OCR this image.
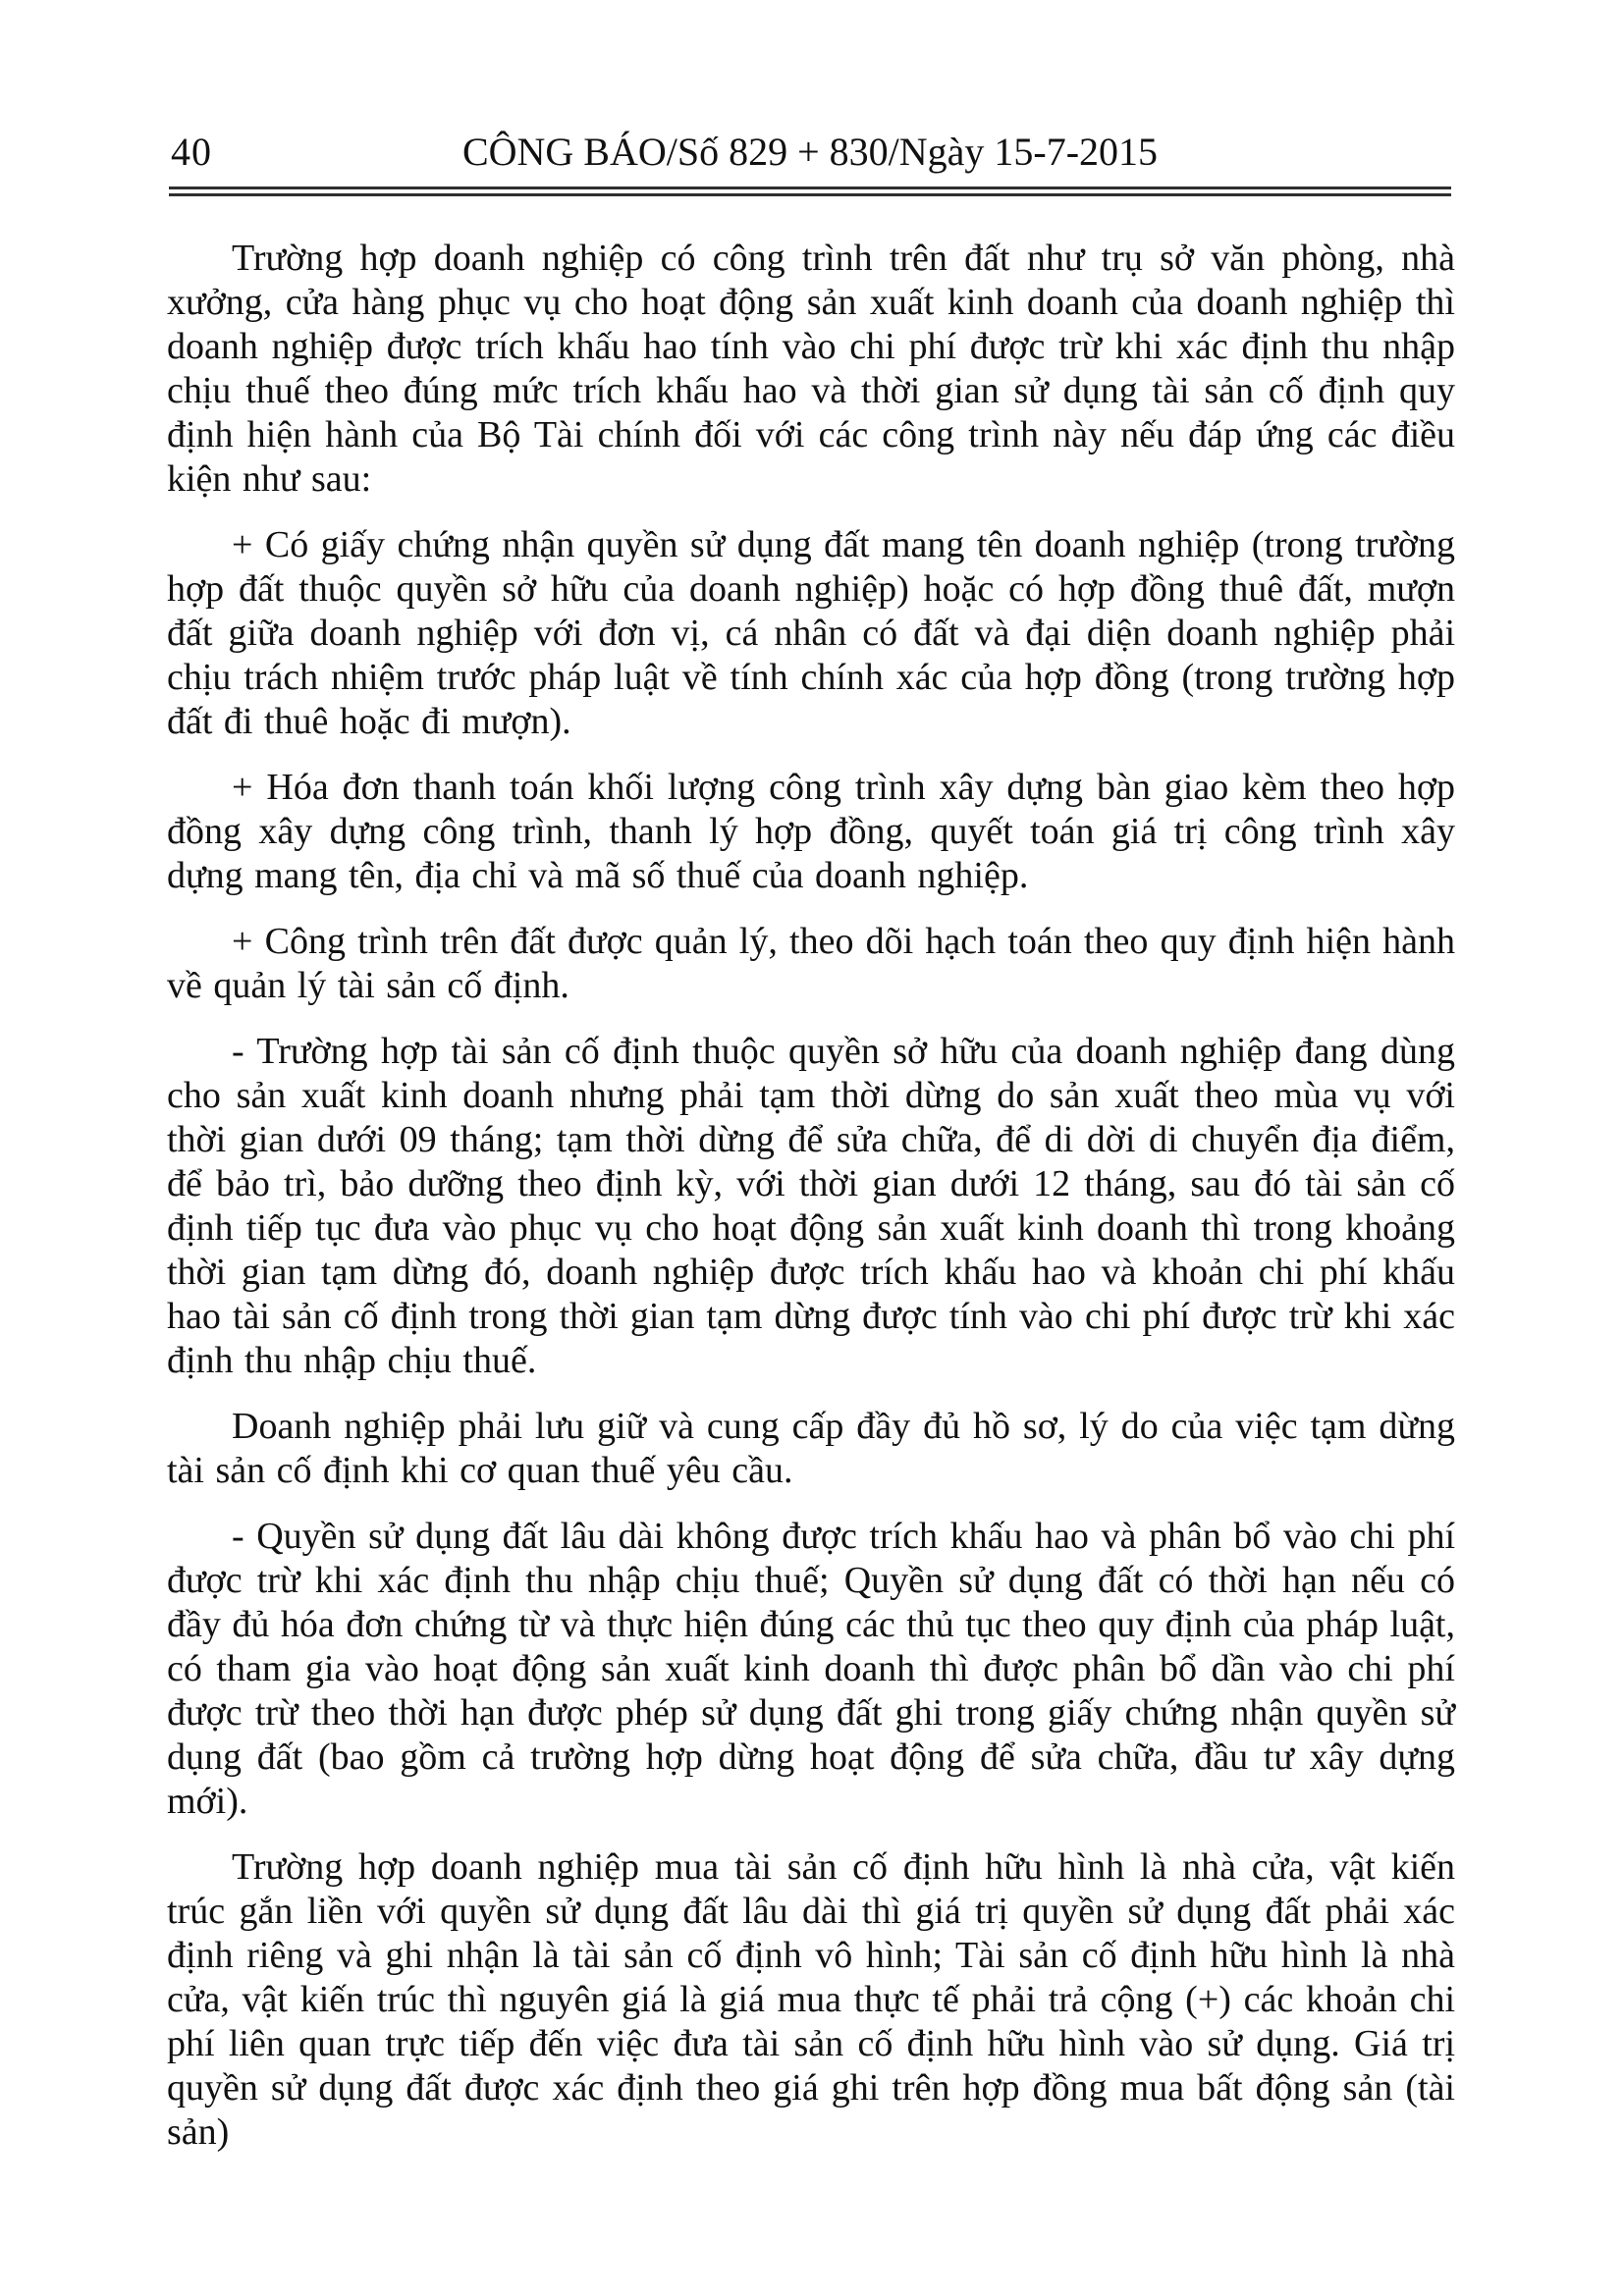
40	CÔNG BÁO/Số 829 + 830/Ngày 15-7-2015

Trường hợp doanh nghiệp có công trình trên đất như trụ sở văn phòng, nhà xưởng, cửa hàng phục vụ cho hoạt động sản xuất kinh doanh của doanh nghiệp thì doanh nghiệp được trích khấu hao tính vào chi phí được trừ khi xác định thu nhập chịu thuế theo đúng mức trích khấu hao và thời gian sử dụng tài sản cố định quy định hiện hành của Bộ Tài chính đối với các công trình này nếu đáp ứng các điều kiện như sau:

+ Có giấy chứng nhận quyền sử dụng đất mang tên doanh nghiệp (trong trường hợp đất thuộc quyền sở hữu của doanh nghiệp) hoặc có hợp đồng thuê đất, mượn đất giữa doanh nghiệp với đơn vị, cá nhân có đất và đại diện doanh nghiệp phải chịu trách nhiệm trước pháp luật về tính chính xác của hợp đồng (trong trường hợp đất đi thuê hoặc đi mượn).

+ Hóa đơn thanh toán khối lượng công trình xây dựng bàn giao kèm theo hợp đồng xây dựng công trình, thanh lý hợp đồng, quyết toán giá trị công trình xây dựng mang tên, địa chỉ và mã số thuế của doanh nghiệp.

+ Công trình trên đất được quản lý, theo dõi hạch toán theo quy định hiện hành về quản lý tài sản cố định.

- Trường hợp tài sản cố định thuộc quyền sở hữu của doanh nghiệp đang dùng cho sản xuất kinh doanh nhưng phải tạm thời dừng do sản xuất theo mùa vụ với thời gian dưới 09 tháng; tạm thời dừng để sửa chữa, để di dời di chuyển địa điểm, để bảo trì, bảo dưỡng theo định kỳ, với thời gian dưới 12 tháng, sau đó tài sản cố định tiếp tục đưa vào phục vụ cho hoạt động sản xuất kinh doanh thì trong khoảng thời gian tạm dừng đó, doanh nghiệp được trích khấu hao và khoản chi phí khấu hao tài sản cố định trong thời gian tạm dừng được tính vào chi phí được trừ khi xác định thu nhập chịu thuế.

Doanh nghiệp phải lưu giữ và cung cấp đầy đủ hồ sơ, lý do của việc tạm dừng tài sản cố định khi cơ quan thuế yêu cầu.

- Quyền sử dụng đất lâu dài không được trích khấu hao và phân bổ vào chi phí được trừ khi xác định thu nhập chịu thuế; Quyền sử dụng đất có thời hạn nếu có đầy đủ hóa đơn chứng từ và thực hiện đúng các thủ tục theo quy định của pháp luật, có tham gia vào hoạt động sản xuất kinh doanh thì được phân bổ dần vào chi phí được trừ theo thời hạn được phép sử dụng đất ghi trong giấy chứng nhận quyền sử dụng đất (bao gồm cả trường hợp dừng hoạt động để sửa chữa, đầu tư xây dựng mới).

Trường hợp doanh nghiệp mua tài sản cố định hữu hình là nhà cửa, vật kiến trúc gắn liền với quyền sử dụng đất lâu dài thì giá trị quyền sử dụng đất phải xác định riêng và ghi nhận là tài sản cố định vô hình; Tài sản cố định hữu hình là nhà cửa, vật kiến trúc thì nguyên giá là giá mua thực tế phải trả cộng (+) các khoản chi phí liên quan trực tiếp đến việc đưa tài sản cố định hữu hình vào sử dụng. Giá trị quyền sử dụng đất được xác định theo giá ghi trên hợp đồng mua bất động sản (tài sản)
